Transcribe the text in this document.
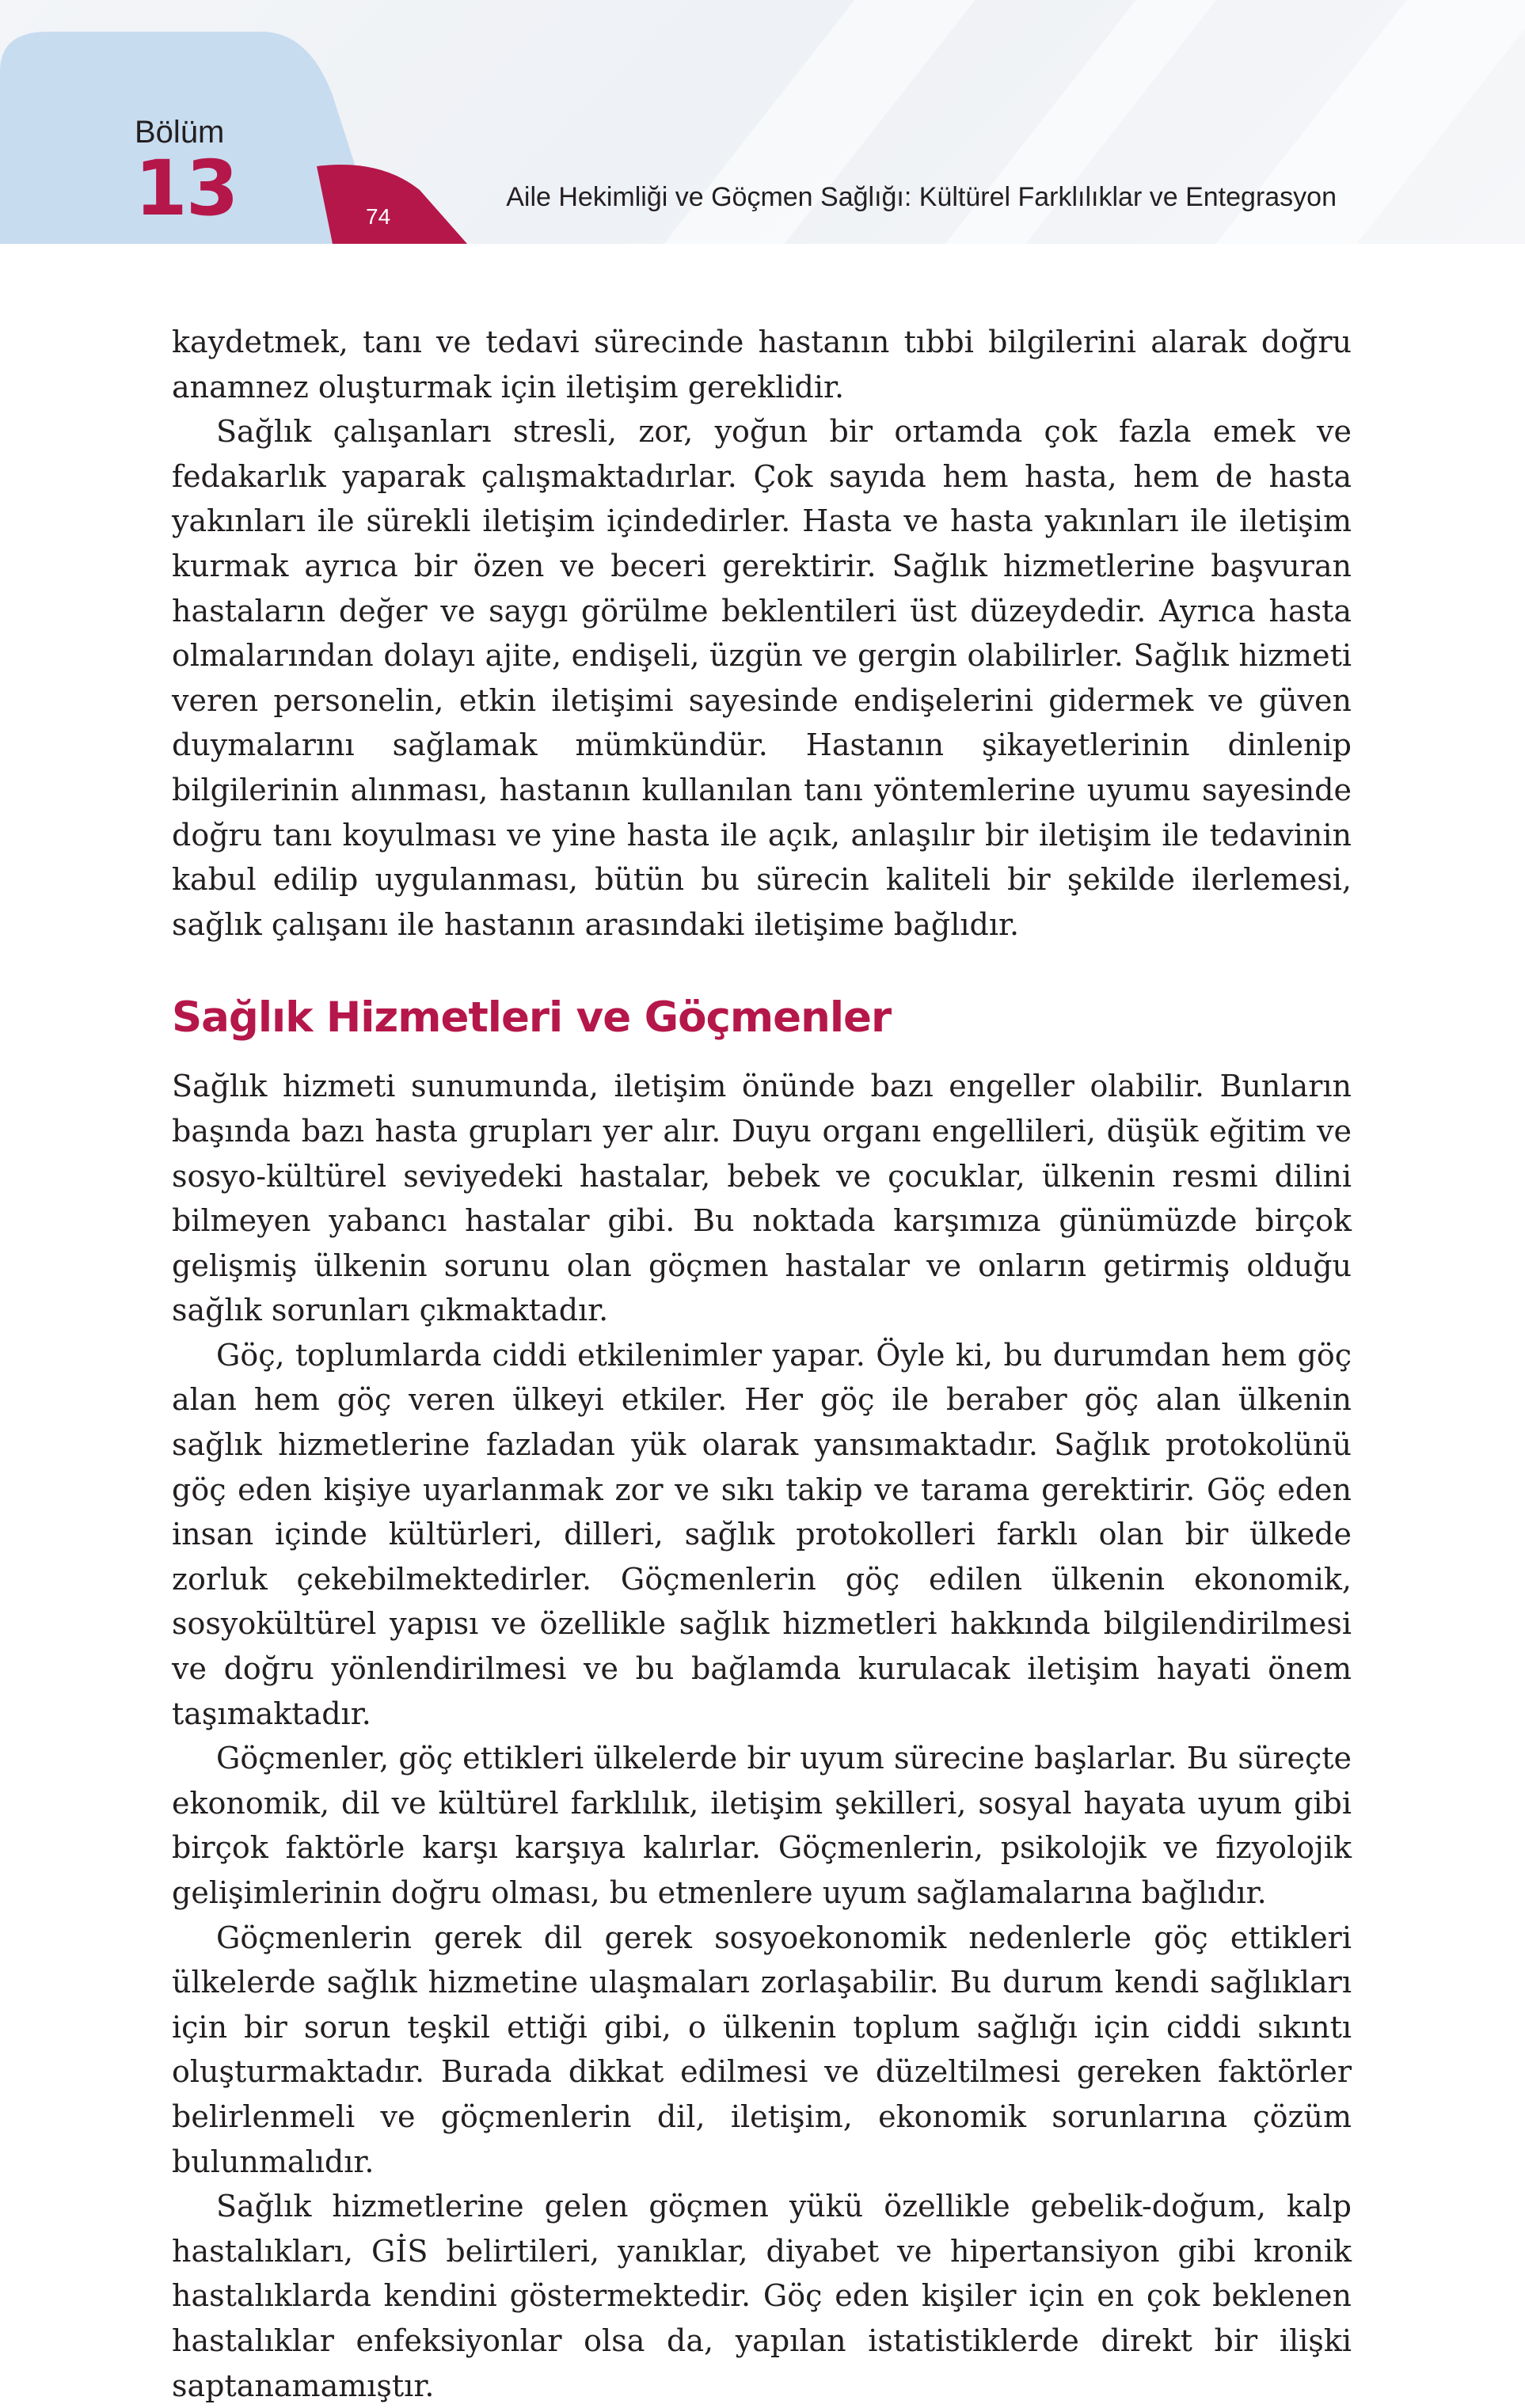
Bölüm
13	74
Aile Hekimliği ve Göçmen Sağlığı: Kültürel Farklılıklar ve Entegrasyon

kaydetmek, tanı ve tedavi sürecinde hastanın tıbbi bilgilerini alarak doğru anamnez oluşturmak için iletişim gereklidir.

Sağlık çalışanları stresli, zor, yoğun bir ortamda çok fazla emek ve fedakarlık yaparak çalışmaktadırlar. Çok sayıda hem hasta, hem de hasta yakınları ile sürekli iletişim içindedirler. Hasta ve hasta yakınları ile iletişim kurmak ayrıca bir özen ve beceri gerektirir. Sağlık hizmetlerine başvuran hastaların değer ve saygı görülme beklentileri üst düzeydedir. Ayrıca hasta olmalarından dolayı ajite, endişeli, üzgün ve gergin olabilirler. Sağlık hizmeti veren personelin, etkin iletişimi sayesinde endişelerini gidermek ve güven duymalarını sağlamak mümkündür. Hastanın şikayetlerinin dinlenip bilgilerinin alınması, hastanın kullanılan tanı yöntemlerine uyumu sayesinde doğru tanı koyulması ve yine hasta ile açık, anlaşılır bir iletişim ile tedavinin kabul edilip uygulanması, bütün bu sürecin kaliteli bir şekilde ilerlemesi, sağlık çalışanı ile hastanın arasındaki iletişime bağlıdır.

Sağlık Hizmetleri ve Göçmenler

Sağlık hizmeti sunumunda, iletişim önünde bazı engeller olabilir. Bunların başında bazı hasta grupları yer alır. Duyu organı engellileri, düşük eğitim ve sosyo-kültürel seviyedeki hastalar, bebek ve çocuklar, ülkenin resmi dilini bilmeyen yabancı hastalar gibi. Bu noktada karşımıza günümüzde birçok gelişmiş ülkenin sorunu olan göçmen hastalar ve onların getirmiş olduğu sağlık sorunları çıkmaktadır.

Göç, toplumlarda ciddi etkilenimler yapar. Öyle ki, bu durumdan hem göç alan hem göç veren ülkeyi etkiler. Her göç ile beraber göç alan ülkenin sağlık hizmetlerine fazladan yük olarak yansımaktadır. Sağlık protokolünü göç eden kişiye uyarlanmak zor ve sıkı takip ve tarama gerektirir. Göç eden insan içinde kültürleri, dilleri, sağlık protokolleri farklı olan bir ülkede zorluk çekebilmektedirler. Göçmenlerin göç edilen ülkenin ekonomik, sosyokültürel yapısı ve özellikle sağlık hizmetleri hakkında bilgilendirilmesi ve doğru yönlendirilmesi ve bu bağlamda kurulacak iletişim hayati önem taşımaktadır.

Göçmenler, göç ettikleri ülkelerde bir uyum sürecine başlarlar. Bu süreçte ekonomik, dil ve kültürel farklılık, iletişim şekilleri, sosyal hayata uyum gibi birçok faktörle karşı karşıya kalırlar. Göçmenlerin, psikolojik ve fizyolojik gelişimlerinin doğru olması, bu etmenlere uyum sağlamalarına bağlıdır.

Göçmenlerin gerek dil gerek sosyoekonomik nedenlerle göç ettikleri ülkelerde sağlık hizmetine ulaşmaları zorlaşabilir. Bu durum kendi sağlıkları için bir sorun teşkil ettiği gibi, o ülkenin toplum sağlığı için ciddi sıkıntı oluşturmaktadır. Burada dikkat edilmesi ve düzeltilmesi gereken faktörler belirlenmeli ve göçmenlerin dil, iletişim, ekonomik sorunlarına çözüm bulunmalıdır.

Sağlık hizmetlerine gelen göçmen yükü özellikle gebelik-doğum, kalp hastalıkları, GİS belirtileri, yanıklar, diyabet ve hipertansiyon gibi kronik hastalıklarda kendini göstermektedir. Göç eden kişiler için en çok beklenen hastalıklar enfeksiyonlar olsa da, yapılan istatistiklerde direkt bir ilişki saptanamamıştır.
